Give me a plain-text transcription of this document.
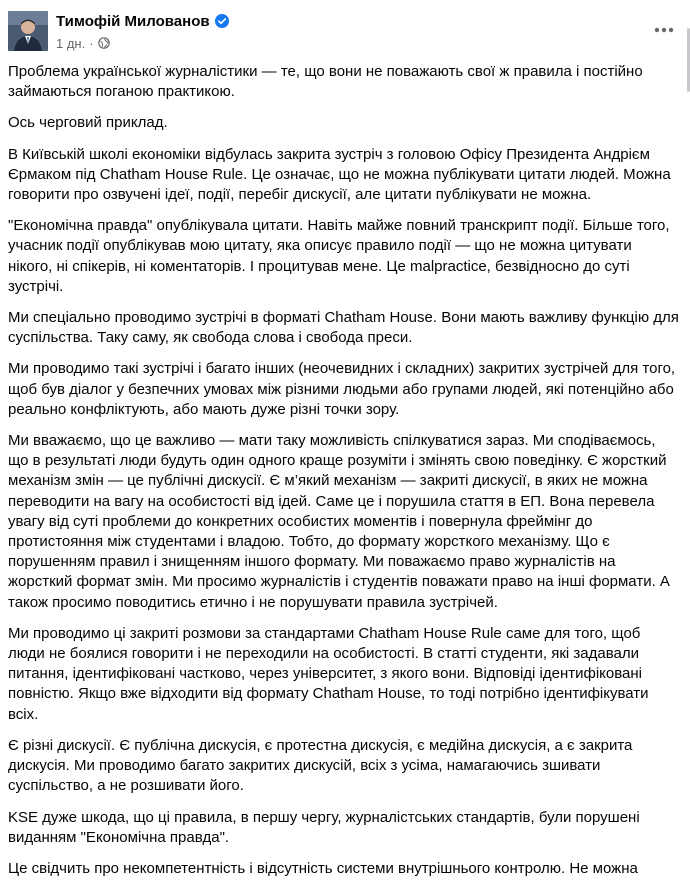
Тимофій Милованов
1 дн. ·

Проблема української журналістики — те, що вони не поважають свої ж правила і постійно займаються поганою практикою.

Ось черговий приклад.

В Київській школі економіки відбулась закрита зустріч з головою Офісу Президента Андрієм Єрмаком під Chatham House Rule. Це означає, що не можна публікувати цитати людей. Можна говорити про озвучені ідеї, події, перебіг дискусії, але цитати публікувати не можна.

"Економічна правда" опублікувала цитати. Навіть майже повний транскрипт події. Більше того, учасник події опублікував мою цитату, яка описує правило події — що не можна цитувати нікого, ні спікерів, ні коментаторів. І процитував мене. Це malpractice, безвідносно до суті зустрічі.

Ми спеціально проводимо зустрічі в форматі Chatham House. Вони мають важливу функцію для суспільства. Таку саму, як свобода слова і свобода преси.

Ми проводимо такі зустрічі і багато інших (неочевидних і складних) закритих зустрічей для того, щоб був діалог у безпечних умовах між різними людьми або групами людей, які потенційно або реально конфліктують, або мають дуже різні точки зору.

Ми вважаємо, що це важливо — мати таку можливість спілкуватися зараз. Ми сподіваємось, що в результаті люди будуть один одного краще розуміти і змінять свою поведінку. Є жорсткий механізм змін — це публічні дискусії. Є м’який механізм — закриті дискусії, в яких не можна переводити на вагу на особистості від ідей. Саме це і порушила стаття в ЕП. Вона перевела увагу від суті проблеми до конкретних особистих моментів і повернула фреймінг до протистояння між студентами і владою. Тобто, до формату жорсткого механізму. Що є порушенням правил і знищенням іншого формату. Ми поважаємо право журналістів на жорсткий формат змін. Ми просимо журналістів і студентів поважати право на інші формати. А також просимо поводитись етично і не порушувати правила зустрічей.

Ми проводимо ці закриті розмови за стандартами Chatham House Rule саме для того, щоб люди не боялися говорити і не переходили на особистості. В статті студенти, які задавали питання, ідентифіковані частково, через університет, з якого вони. Відповіді ідентифіковані повністю. Якщо вже відходити від формату Chatham House, то тоді потрібно ідентифікувати всіх.

Є різні дискусії. Є публічна дискусія, є протестна дискусія, є медійна дискусія, а є закрита дискусія. Ми проводимо багато закритих дискусій, всіх з усіма, намагаючись зшивати суспільство, а не розшивати його.

KSE дуже шкода, що ці правила, в першу чергу, журналістських стандартів, були порушені виданням "Економічна правда".

Це свідчить про некомпетентність і відсутність системи внутрішнього контролю. Не можна
